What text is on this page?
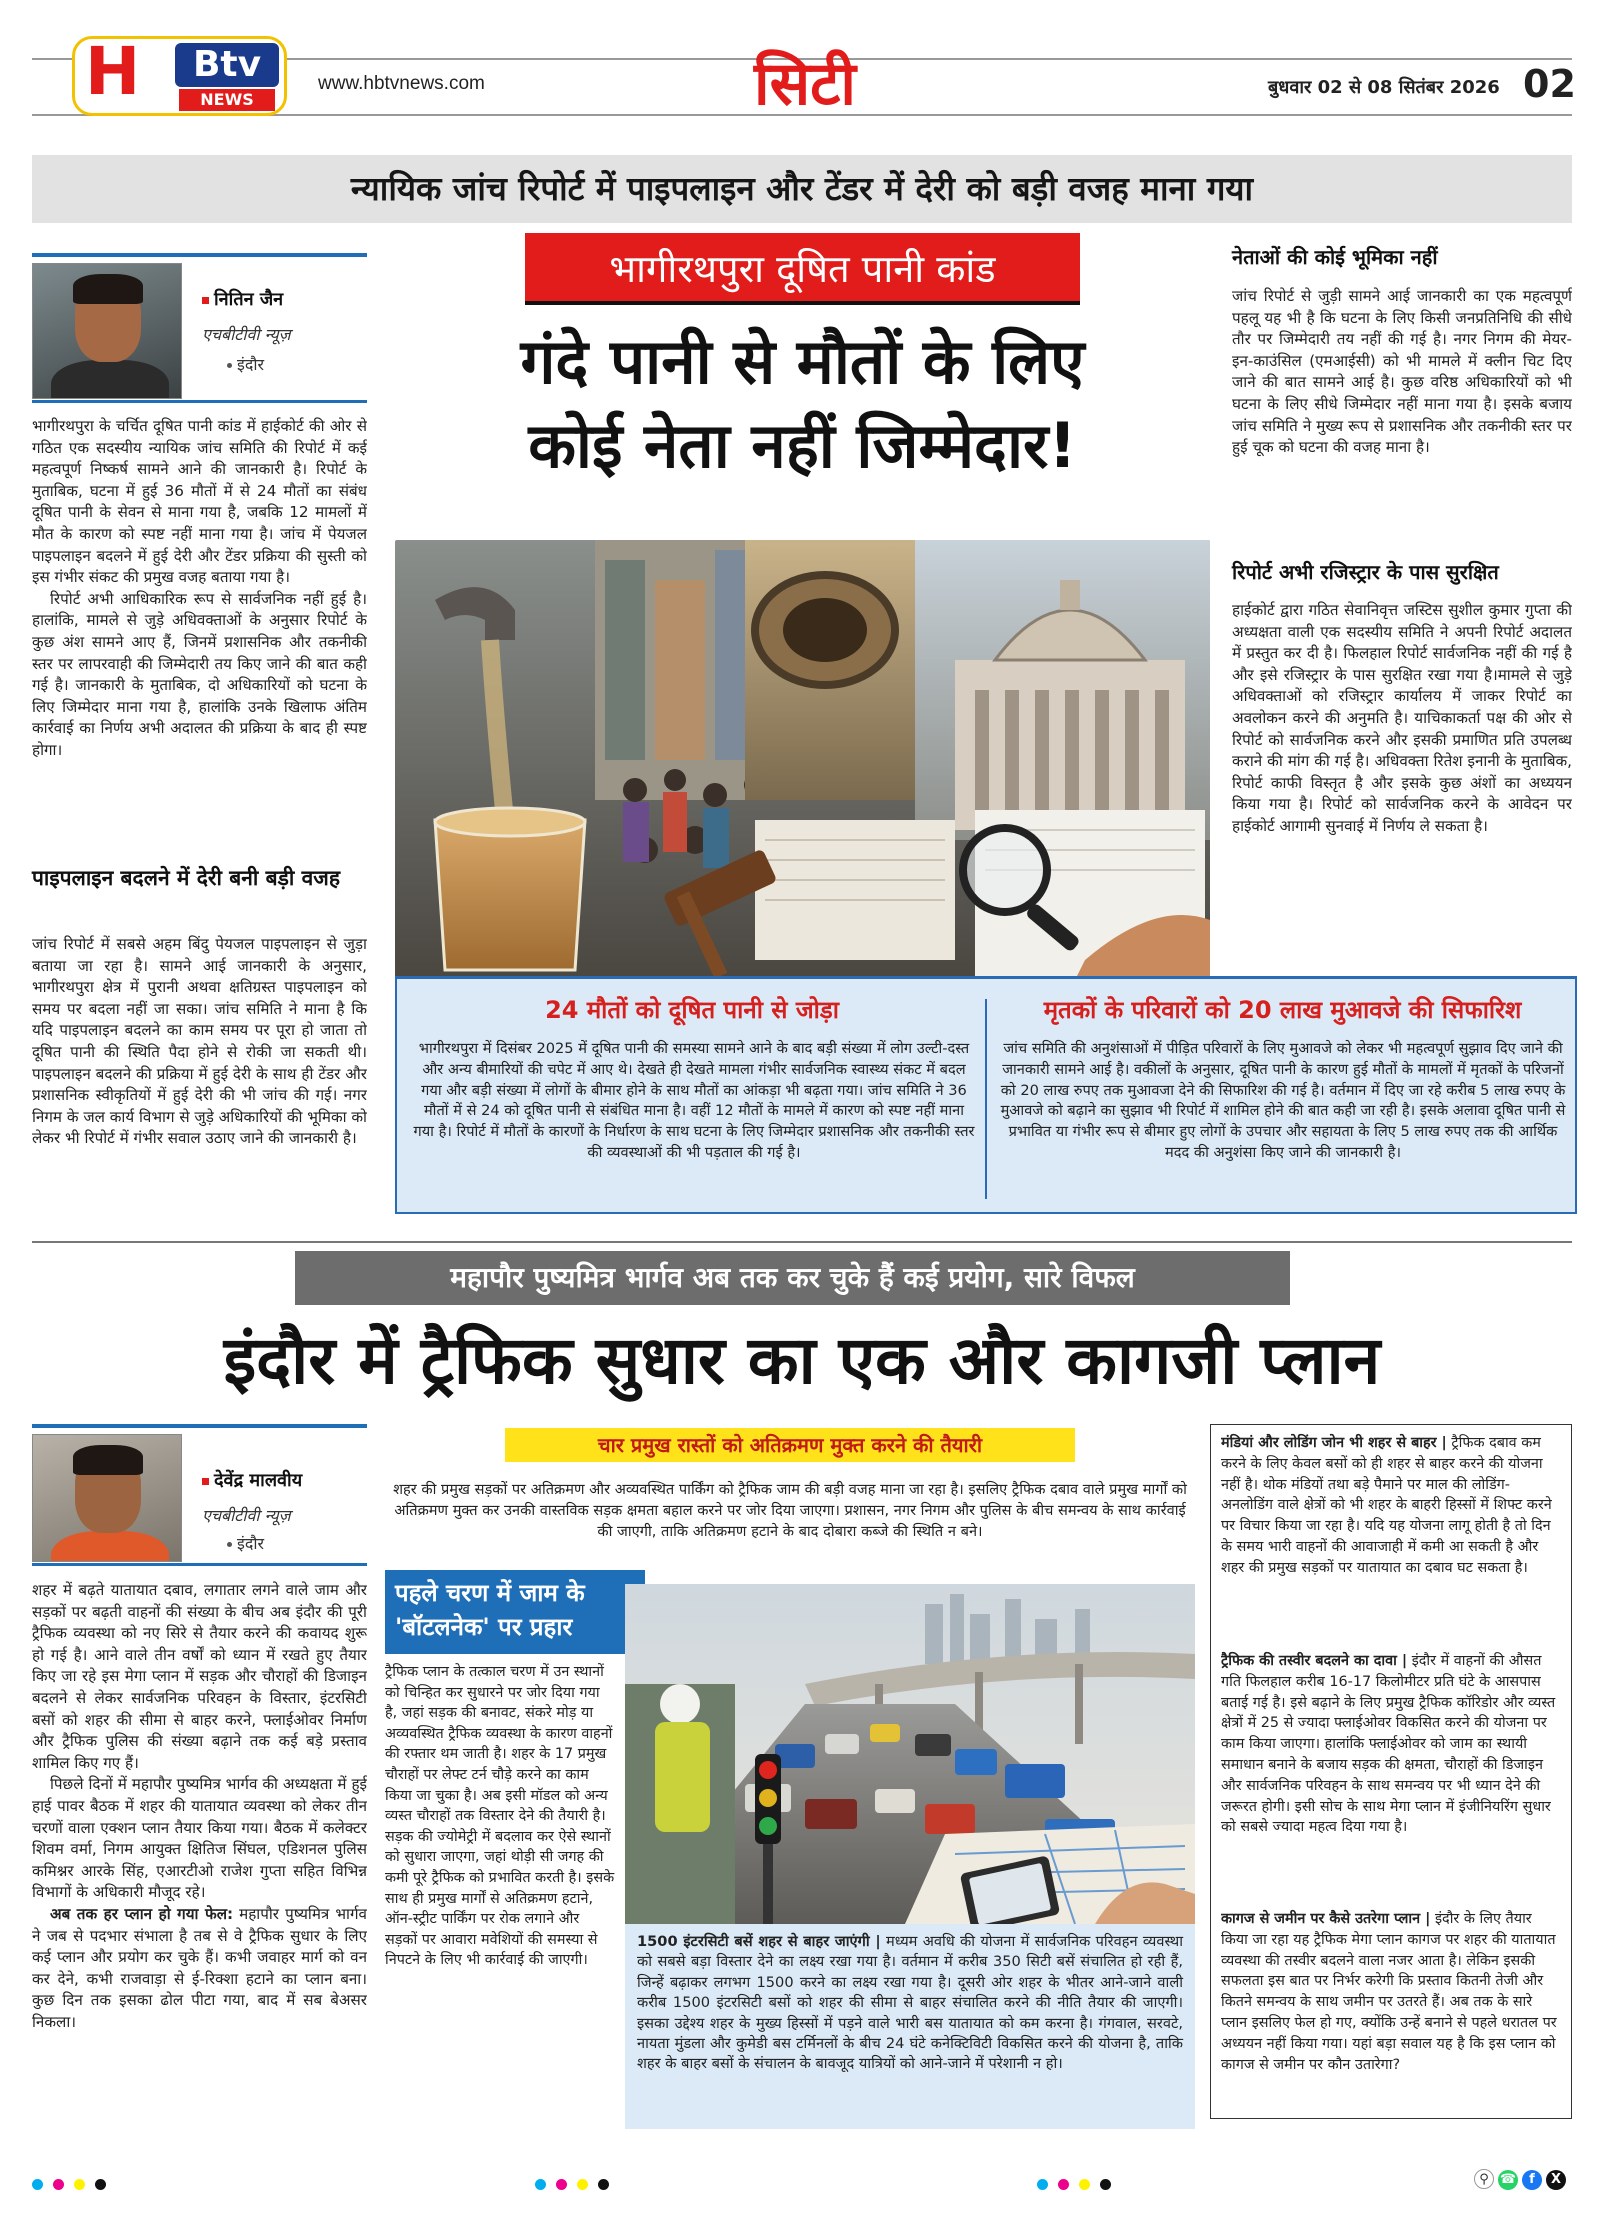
H	Btv
NEWS
www.hbtvnews.com	सिटी	बुधवार 02 से 08 सितंबर 2026 02
न्यायिक जांच रिपोर्ट में पाइपलाइन और टेंडर में देरी को बड़ी वजह माना गया
नितिन जैन
एचबीटीवी न्यूज़
इंदौर

भागीरथपुरा के चर्चित दूषित पानी कांड में हाईकोर्ट की ओर से गठित एक सदस्यीय न्यायिक जांच समिति की रिपोर्ट में कई महत्वपूर्ण निष्कर्ष सामने आने की जानकारी है। रिपोर्ट के मुताबिक, घटना में हुई 36 मौतों में से 24 मौतों का संबंध दूषित पानी के सेवन से माना गया है, जबकि 12 मामलों में मौत के कारण को स्पष्ट नहीं माना गया है। जांच में पेयजल पाइपलाइन बदलने में हुई देरी और टेंडर प्रक्रिया की सुस्ती को इस गंभीर संकट की प्रमुख वजह बताया गया है।

रिपोर्ट अभी आधिकारिक रूप से सार्वजनिक नहीं हुई है। हालांकि, मामले से जुड़े अधिवक्ताओं के अनुसार रिपोर्ट के कुछ अंश सामने आए हैं, जिनमें प्रशासनिक और तकनीकी स्तर पर लापरवाही की जिम्मेदारी तय किए जाने की बात कही गई है। जानकारी के मुताबिक, दो अधिकारियों को घटना के लिए जिम्मेदार माना गया है, हालांकि उनके खिलाफ अंतिम कार्रवाई का निर्णय अभी अदालत की प्रक्रिया के बाद ही स्पष्ट होगा।

पाइपलाइन बदलने में देरी बनी बड़ी वजह

जांच रिपोर्ट में सबसे अहम बिंदु पेयजल पाइपलाइन से जुड़ा बताया जा रहा है। सामने आई जानकारी के अनुसार, भागीरथपुरा क्षेत्र में पुरानी अथवा क्षतिग्रस्त पाइपलाइन को समय पर बदला नहीं जा सका। जांच समिति ने माना है कि यदि पाइपलाइन बदलने का काम समय पर पूरा हो जाता तो दूषित पानी की स्थिति पैदा होने से रोकी जा सकती थी। पाइपलाइन बदलने की प्रक्रिया में हुई देरी के साथ ही टेंडर और प्रशासनिक स्वीकृतियों में हुई देरी की भी जांच की गई। नगर निगम के जल कार्य विभाग से जुड़े अधिकारियों की भूमिका को लेकर भी रिपोर्ट में गंभीर सवाल उठाए जाने की जानकारी है।

भागीरथपुरा दूषित पानी कांड
गंदे पानी से मौतों के लिए
कोई नेता नहीं जिम्मेदार!
नेताओं की कोई भूमिका नहीं

जांच रिपोर्ट से जुड़ी सामने आई जानकारी का एक महत्वपूर्ण पहलू यह भी है कि घटना के लिए किसी जनप्रतिनिधि की सीधे तौर पर जिम्मेदारी तय नहीं की गई है। नगर निगम की मेयर-इन-काउंसिल (एमआईसी) को भी मामले में क्लीन चिट दिए जाने की बात सामने आई है। कुछ वरिष्ठ अधिकारियों को भी घटना के लिए सीधे जिम्मेदार नहीं माना गया है। इसके बजाय जांच समिति ने मुख्य रूप से प्रशासनिक और तकनीकी स्तर पर हुई चूक को घटना की वजह माना है।

रिपोर्ट अभी रजिस्ट्रार के पास सुरक्षित

हाईकोर्ट द्वारा गठित सेवानिवृत्त जस्टिस सुशील कुमार गुप्ता की अध्यक्षता वाली एक सदस्यीय समिति ने अपनी रिपोर्ट अदालत में प्रस्तुत कर दी है। फिलहाल रिपोर्ट सार्वजनिक नहीं की गई है और इसे रजिस्ट्रार के पास सुरक्षित रखा गया है।मामले से जुड़े अधिवक्ताओं को रजिस्ट्रार कार्यालय में जाकर रिपोर्ट का अवलोकन करने की अनुमति है। याचिकाकर्ता पक्ष की ओर से रिपोर्ट को सार्वजनिक करने और इसकी प्रमाणित प्रति उपलब्ध कराने की मांग की गई है। अधिवक्ता रितेश इनानी के मुताबिक, रिपोर्ट काफी विस्तृत है और इसके कुछ अंशों का अध्ययन किया गया है। रिपोर्ट को सार्वजनिक करने के आवेदन पर हाईकोर्ट आगामी सुनवाई में निर्णय ले सकता है।

24 मौतों को दूषित पानी से जोड़ा
भागीरथपुरा में दिसंबर 2025 में दूषित पानी की समस्या सामने आने के बाद बड़ी संख्या में लोग उल्टी-दस्त और अन्य बीमारियों की चपेट में आए थे। देखते ही देखते मामला गंभीर सार्वजनिक स्वास्थ्य संकट में बदल गया और बड़ी संख्या में लोगों के बीमार होने के साथ मौतों का आंकड़ा भी बढ़ता गया। जांच समिति ने 36 मौतों में से 24 को दूषित पानी से संबंधित माना है। वहीं 12 मौतों के मामले में कारण को स्पष्ट नहीं माना गया है। रिपोर्ट में मौतों के कारणों के निर्धारण के साथ घटना के लिए जिम्मेदार प्रशासनिक और तकनीकी स्तर की व्यवस्थाओं की भी पड़ताल की गई है।
मृतकों के परिवारों को 20 लाख मुआवजे की सिफारिश
जांच समिति की अनुशंसाओं में पीड़ित परिवारों के लिए मुआवजे को लेकर भी महत्वपूर्ण सुझाव दिए जाने की जानकारी सामने आई है। वकीलों के अनुसार, दूषित पानी के कारण हुई मौतों के मामलों में मृतकों के परिजनों को 20 लाख रुपए तक मुआवजा देने की सिफारिश की गई है। वर्तमान में दिए जा रहे करीब 5 लाख रुपए के मुआवजे को बढ़ाने का सुझाव भी रिपोर्ट में शामिल होने की बात कही जा रही है। इसके अलावा दूषित पानी से प्रभावित या गंभीर रूप से बीमार हुए लोगों के उपचार और सहायता के लिए 5 लाख रुपए तक की आर्थिक मदद की अनुशंसा किए जाने की जानकारी है।
महापौर पुष्यमित्र भार्गव अब तक कर चुके हैं कई प्रयोग, सारे विफल
इंदौर में ट्रैफिक सुधार का एक और कागजी प्लान
देवेंद्र मालवीय
एचबीटीवी न्यूज़
इंदौर

शहर में बढ़ते यातायात दबाव, लगातार लगने वाले जाम और सड़कों पर बढ़ती वाहनों की संख्या के बीच अब इंदौर की पूरी ट्रैफिक व्यवस्था को नए सिरे से तैयार करने की कवायद शुरू हो गई है। आने वाले तीन वर्षों को ध्यान में रखते हुए तैयार किए जा रहे इस मेगा प्लान में सड़क और चौराहों की डिजाइन बदलने से लेकर सार्वजनिक परिवहन के विस्तार, इंटरसिटी बसों को शहर की सीमा से बाहर करने, फ्लाईओवर निर्माण और ट्रैफिक पुलिस की संख्या बढ़ाने तक कई बड़े प्रस्ताव शामिल किए गए हैं।

पिछले दिनों में महापौर पुष्यमित्र भार्गव की अध्यक्षता में हुई हाई पावर बैठक में शहर की यातायात व्यवस्था को लेकर तीन चरणों वाला एक्शन प्लान तैयार किया गया। बैठक में कलेक्टर शिवम वर्मा, निगम आयुक्त क्षितिज सिंघल, एडिशनल पुलिस कमिश्नर आरके सिंह, एआरटीओ राजेश गुप्ता सहित विभिन्न विभागों के अधिकारी मौजूद रहे।

अब तक हर प्लान हो गया फेल: महापौर पुष्यमित्र भार्गव ने जब से पदभार संभाला है तब से वे ट्रैफिक सुधार के लिए कई प्लान और प्रयोग कर चुके हैं। कभी जवाहर मार्ग को वन कर देने, कभी राजवाड़ा से ई-रिक्शा हटाने का प्लान बना। कुछ दिन तक इसका ढोल पीटा गया, बाद में सब बेअसर निकला।

चार प्रमुख रास्तों को अतिक्रमण मुक्त करने की तैयारी
शहर की प्रमुख सड़कों पर अतिक्रमण और अव्यवस्थित पार्किंग को ट्रैफिक जाम की बड़ी वजह माना जा रहा है। इसलिए ट्रैफिक दबाव वाले प्रमुख मार्गों को अतिक्रमण मुक्त कर उनकी वास्तविक सड़क क्षमता बहाल करने पर जोर दिया जाएगा। प्रशासन, नगर निगम और पुलिस के बीच समन्वय के साथ कार्रवाई की जाएगी, ताकि अतिक्रमण हटाने के बाद दोबारा कब्जे की स्थिति न बने।
पहले चरण में जाम के 'बॉटलनेक' पर प्रहार

ट्रैफिक प्लान के तत्काल चरण में उन स्थानों को चिन्हित कर सुधारने पर जोर दिया गया है, जहां सड़क की बनावट, संकरे मोड़ या अव्यवस्थित ट्रैफिक व्यवस्था के कारण वाहनों की रफ्तार थम जाती है। शहर के 17 प्रमुख चौराहों पर लेफ्ट टर्न चौड़े करने का काम किया जा चुका है। अब इसी मॉडल को अन्य व्यस्त चौराहों तक विस्तार देने की तैयारी है। सड़क की ज्योमेट्री में बदलाव कर ऐसे स्थानों को सुधारा जाएगा, जहां थोड़ी सी जगह की कमी पूरे ट्रैफिक को प्रभावित करती है। इसके साथ ही प्रमुख मार्गों से अतिक्रमण हटाने, ऑन-स्ट्रीट पार्किंग पर रोक लगाने और सड़कों पर आवारा मवेशियों की समस्या से निपटने के लिए भी कार्रवाई की जाएगी।

1500 इंटरसिटी बसें शहर से बाहर जाएंगी | मध्यम अवधि की योजना में सार्वजनिक परिवहन व्यवस्था को सबसे बड़ा विस्तार देने का लक्ष्य रखा गया है। वर्तमान में करीब 350 सिटी बसें संचालित हो रही हैं, जिन्हें बढ़ाकर लगभग 1500 करने का लक्ष्य रखा गया है। दूसरी ओर शहर के भीतर आने-जाने वाली करीब 1500 इंटरसिटी बसों को शहर की सीमा से बाहर संचालित करने की नीति तैयार की जाएगी। इसका उद्देश्य शहर के मुख्य हिस्सों में पड़ने वाले भारी बस यातायात को कम करना है। गंगवाल, सरवटे, नायता मुंडला और कुमेडी बस टर्मिनलों के बीच 24 घंटे कनेक्टिविटी विकसित करने की योजना है, ताकि शहर के बाहर बसों के संचालन के बावजूद यात्रियों को आने-जाने में परेशानी न हो।
मंडियां और लोडिंग जोन भी शहर से बाहर | ट्रैफिक दबाव कम करने के लिए केवल बसों को ही शहर से बाहर करने की योजना नहीं है। थोक मंडियों तथा बड़े पैमाने पर माल की लोडिंग-अनलोडिंग वाले क्षेत्रों को भी शहर के बाहरी हिस्सों में शिफ्ट करने पर विचार किया जा रहा है। यदि यह योजना लागू होती है तो दिन के समय भारी वाहनों की आवाजाही में कमी आ सकती है और शहर की प्रमुख सड़कों पर यातायात का दबाव घट सकता है।
ट्रैफिक की तस्वीर बदलने का दावा | इंदौर में वाहनों की औसत गति फिलहाल करीब 16-17 किलोमीटर प्रति घंटे के आसपास बताई गई है। इसे बढ़ाने के लिए प्रमुख ट्रैफिक कॉरिडोर और व्यस्त क्षेत्रों में 25 से ज्यादा फ्लाईओवर विकसित करने की योजना पर काम किया जाएगा। हालांकि फ्लाईओवर को जाम का स्थायी समाधान बनाने के बजाय सड़क की क्षमता, चौराहों की डिजाइन और सार्वजनिक परिवहन के साथ समन्वय पर भी ध्यान देने की जरूरत होगी। इसी सोच के साथ मेगा प्लान में इंजीनियरिंग सुधार को सबसे ज्यादा महत्व दिया गया है।
कागज से जमीन पर कैसे उतरेगा प्लान | इंदौर के लिए तैयार किया जा रहा यह ट्रैफिक मेगा प्लान कागज पर शहर की यातायात व्यवस्था की तस्वीर बदलने वाला नजर आता है। लेकिन इसकी सफलता इस बात पर निर्भर करेगी कि प्रस्ताव कितनी तेजी और कितने समन्वय के साथ जमीन पर उतरते हैं। अब तक के सारे प्लान इसलिए फेल हो गए, क्योंकि उन्हें बनाने से पहले धरातल पर अध्ययन नहीं किया गया। यहां बड़ा सवाल यह है कि इस प्लान को कागज से जमीन पर कौन उतारेगा?
⚲ ☎ f X
